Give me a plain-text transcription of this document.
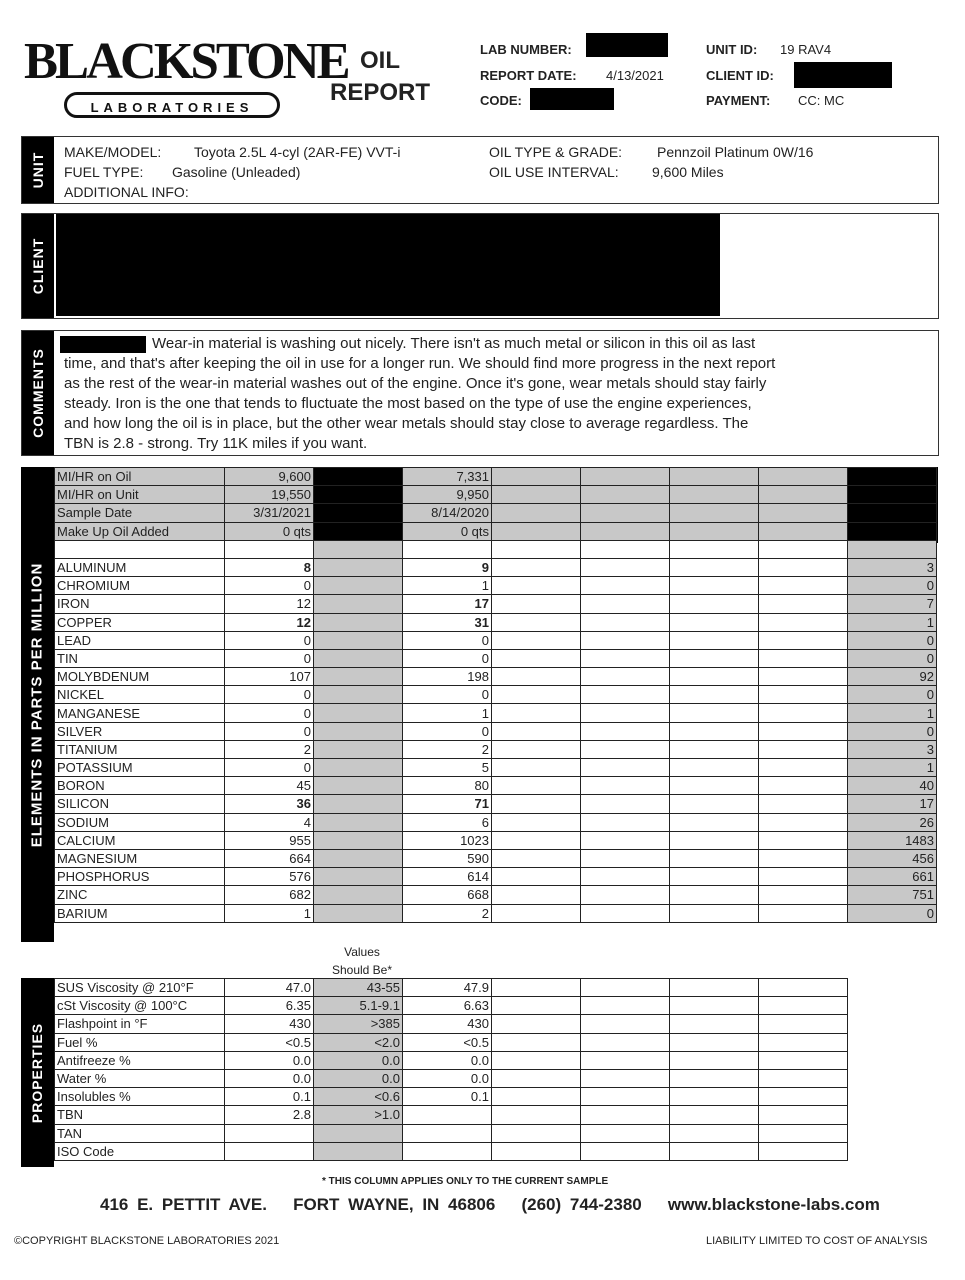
BLACKSTONE
LABORATORIES
OIL
REPORT
LAB NUMBER:
REPORT DATE: 4/13/2021
CODE:
UNIT ID: 19 RAV4
CLIENT ID:
PAYMENT: CC: MC
UNIT MAKE/MODEL: Toyota 2.5L 4-cyl (2AR-FE) VVT-i
FUEL TYPE: Gasoline (Unleaded)
ADDITIONAL INFO:
OIL TYPE & GRADE: Pennzoil Platinum 0W/16
OIL USE INTERVAL: 9,600 Miles
CLIENT
COMMENTS
Wear-in material is washing out nicely. There isn't as much metal or silicon in this oil as last
time, and that's after keeping the oil in use for a longer run. We should find more progress in the next report
as the rest of the wear-in material washes out of the engine. Once it's gone, wear metals should stay fairly
steady. Iron is the one that tends to fluctuate the most based on the type of use the engine experiences,
and how long the oil is in place, but the other wear metals should stay close to average regardless. The
TBN is 2.8 - strong. Try 11K miles if you want.
ELEMENTS IN PARTS PER MILLION
MI/HR on Oil	9,600		7,331					
MI/HR on Unit	19,550		9,950					
Sample Date	3/31/2021		8/14/2020					
Make Up Oil Added	0 qts		0 qts					

ALUMINUM	8		9					3
CHROMIUM	0		1					0
IRON	12		17					7
COPPER	12		31					1
LEAD	0		0					0
TIN	0		0					0
MOLYBDENUM	107		198					92
NICKEL	0		0					0
MANGANESE	0		1					1
SILVER	0		0					0
TITANIUM	2		2					3
POTASSIUM	0		5					1
BORON	45		80					40
SILICON	36		71					17
SODIUM	4		6					26
CALCIUM	955		1023					1483
MAGNESIUM	664		590					456
PHOSPHORUS	576		614					661
ZINC	682		668					751
BARIUM	1		2					0
Values
Should Be*
PROPERTIES
SUS Viscosity @ 210°F	47.0	43-55	47.9				
cSt Viscosity @ 100°C	6.35	5.1-9.1	6.63				
Flashpoint in °F	430	>385	430				
Fuel %	<0.5	<2.0	<0.5				
Antifreeze %	0.0	0.0	0.0				
Water %	0.0	0.0	0.0				
Insolubles %	0.1	<0.6	0.1				
TBN	2.8	>1.0					
TAN							
ISO Code							
* THIS COLUMN APPLIES ONLY TO THE CURRENT SAMPLE
416 E. PETTIT AVE.   FORT WAYNE, IN 46806   (260) 744-2380   www.blackstone-labs.com
©COPYRIGHT BLACKSTONE LABORATORIES 2021	LIABILITY LIMITED TO COST OF ANALYSIS
